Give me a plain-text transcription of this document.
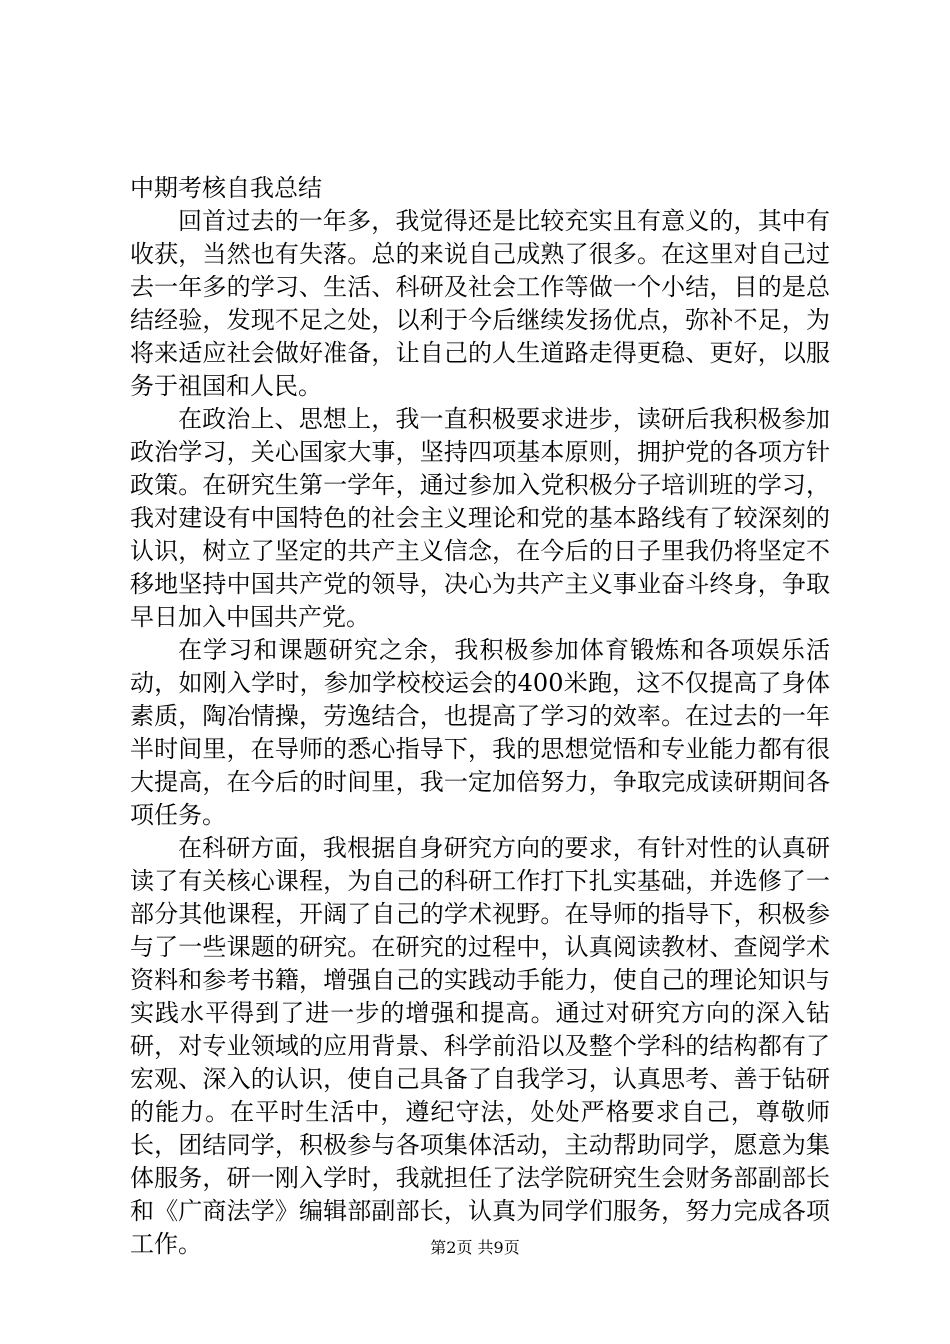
中期考核自我总结

回首过去的一年多，我觉得还是比较充实且有意义的，其中有收获，当然也有失落。总的来说自己成熟了很多。在这里对自己过去一年多的学习、生活、科研及社会工作等做一个小结，目的是总结经验，发现不足之处，以利于今后继续发扬优点，弥补不足，为将来适应社会做好准备，让自己的人生道路走得更稳、更好，以服务于祖国和人民。

在政治上、思想上，我一直积极要求进步，读研后我积极参加政治学习，关心国家大事，坚持四项基本原则，拥护党的各项方针政策。在研究生第一学年，通过参加入党积极分子培训班的学习，我对建设有中国特色的社会主义理论和党的基本路线有了较深刻的认识，树立了坚定的共产主义信念，在今后的日子里我仍将坚定不移地坚持中国共产党的领导，决心为共产主义事业奋斗终身，争取早日加入中国共产党。

在学习和课题研究之余，我积极参加体育锻炼和各项娱乐活动，如刚入学时，参加学校校运会的400米跑，这不仅提高了身体素质，陶冶情操，劳逸结合，也提高了学习的效率。在过去的一年半时间里，在导师的悉心指导下，我的思想觉悟和专业能力都有很大提高，在今后的时间里，我一定加倍努力，争取完成读研期间各项任务。

在科研方面，我根据自身研究方向的要求，有针对性的认真研读了有关核心课程，为自己的科研工作打下扎实基础，并选修了一部分其他课程，开阔了自己的学术视野。在导师的指导下，积极参与了一些课题的研究。在研究的过程中，认真阅读教材、查阅学术资料和参考书籍，增强自己的实践动手能力，使自己的理论知识与实践水平得到了进一步的增强和提高。通过对研究方向的深入钻研，对专业领域的应用背景、科学前沿以及整个学科的结构都有了宏观、深入的认识，使自己具备了自我学习，认真思考、善于钻研的能力。在平时生活中，遵纪守法，处处严格要求自己，尊敬师长，团结同学，积极参与各项集体活动，主动帮助同学，愿意为集体服务，研一刚入学时，我就担任了法学院研究生会财务部副部长和《广商法学》编辑部副部长，认真为同学们服务，努力完成各项工作。	第2页 共9页
